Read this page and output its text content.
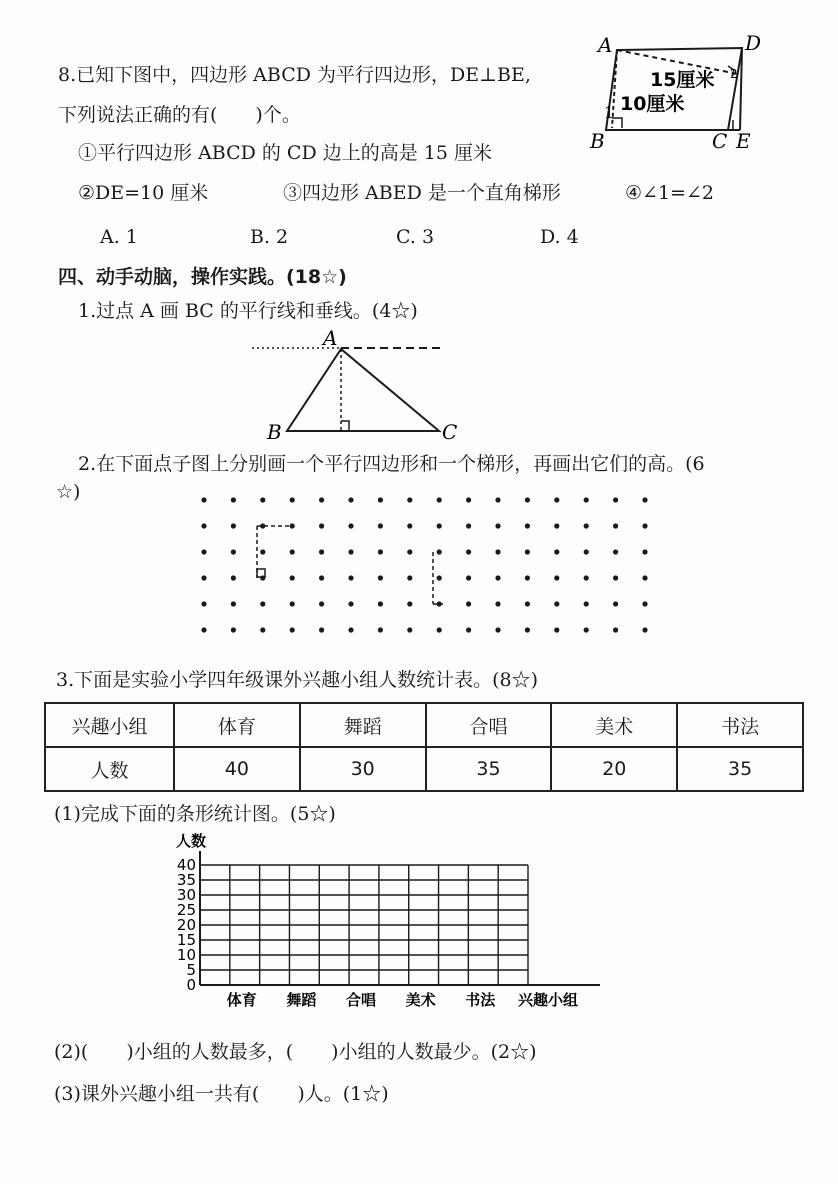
8.已知下图中，四边形 ABCD 为平行四边形，DE⊥BE,
下列说法正确的有(　　)个。
①平行四边形 ABCD 的 CD 边上的高是 15 厘米
②DE=10 厘米	③四边形 ABED 是一个直角梯形	④∠1=∠2
A. 1	B. 2	C. 3	D. 4
A	D
B	C E
1
2
15厘米
10厘米
四、动手动脑，操作实践。(18☆)
1.过点 A 画 BC 的平行线和垂线。(4☆)
A
B	C
2.在下面点子图上分别画一个平行四边形和一个梯形，再画出它们的高。(6
☆)
3.下面是实验小学四年级课外兴趣小组人数统计表。(8☆)
兴趣小组	体育	舞蹈	合唱	美术	书法
人数	40	30	35	20	35
(1)完成下面的条形统计图。(5☆)
0
5
10
15
20
25
30
35
40
体育 舞蹈 合唱 美术 书法
人数
兴趣小组
(2)(　　)小组的人数最多，(　　)小组的人数最少。(2☆)
(3)课外兴趣小组一共有(　　)人。(1☆)
